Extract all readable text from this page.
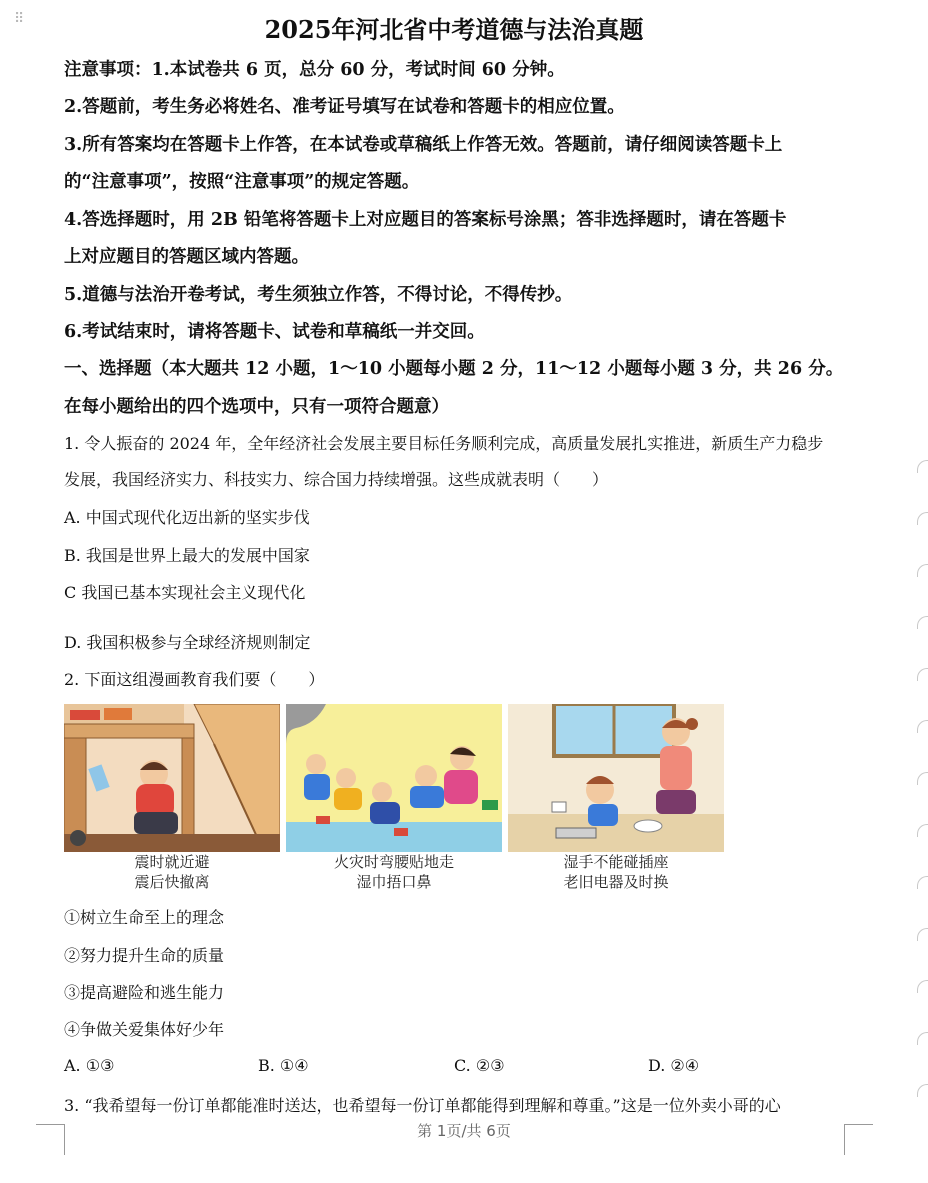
⠿	2025年河北省中考道德与法治真题
注意事项：1.本试卷共 6 页，总分 60 分，考试时间 60 分钟。
2.答题前，考生务必将姓名、准考证号填写在试卷和答题卡的相应位置。
3.所有答案均在答题卡上作答，在本试卷或草稿纸上作答无效。答题前，请仔细阅读答题卡上
的“注意事项”，按照“注意事项”的规定答题。
4.答选择题时，用 2B 铅笔将答题卡上对应题目的答案标号涂黑；答非选择题时，请在答题卡
上对应题目的答题区域内答题。
5.道德与法治开卷考试，考生须独立作答，不得讨论，不得传抄。
6.考试结束时，请将答题卡、试卷和草稿纸一并交回。
一、选择题（本大题共 12 小题，1～10 小题每小题 2 分，11～12 小题每小题 3 分，共 26 分。
在每小题给出的四个选项中，只有一项符合题意）
1. 令人振奋的 2024 年，全年经济社会发展主要目标任务顺利完成，高质量发展扎实推进，新质生产力稳步
发展，我国经济实力、科技实力、综合国力持续增强。这些成就表明（　　）
A. 中国式现代化迈出新的坚实步伐
B. 我国是世界上最大的发展中国家
C 我国已基本实现社会主义现代化
D. 我国积极参与全球经济规则制定
2. 下面这组漫画教育我们要（　　）
震时就近避
震后快撤离
火灾时弯腰贴地走
湿巾捂口鼻
湿手不能碰插座
老旧电器及时换
①树立生命至上的理念
②努力提升生命的质量
③提高避险和逃生能力
④争做关爱集体好少年
A. ①③	B. ①④	C. ②③	D. ②④
3. “我希望每一份订单都能准时送达，也希望每一份订单都能得到理解和尊重。”这是一位外卖小哥的心
第 1页/共 6页
